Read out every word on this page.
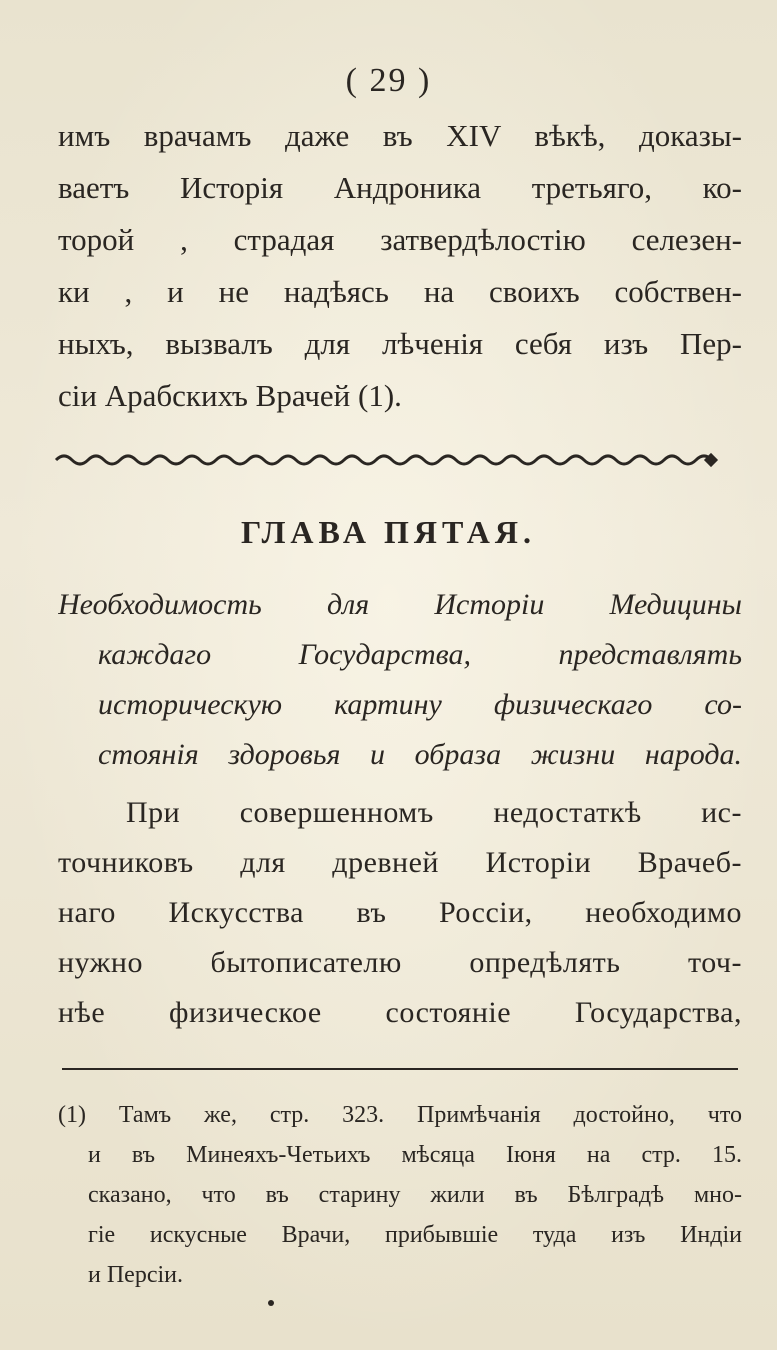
( 29 )
имъ врачамъ даже въ XIV вѣкѣ, доказы-
ваетъ Исторія Андроника третьяго, ко-
торой , страдая затвердѣлостію селезен-
ки , и не надѣясь на своихъ собствен-
ныхъ, вызвалъ для лѣченія себя изъ Пер-
сіи Арабскихъ Врачей (1).
ГЛАВА ПЯТАЯ.
Необходимость для Исторіи Медицины
каждаго Государства, представлять
историческую картину физическаго со-
стоянія здоровья и образа жизни народа.
При совершенномъ недостаткѣ ис-
точниковъ для древней Исторіи Врачеб-
наго Искусства въ Россіи, необходимо
нужно бытописателю опредѣлять точ-
нѣе физическое состояніе Государства,
(1) Тамъ же, стр. 323. Примѣчанія достойно, что
и въ Минеяхъ-Четьихъ мѣсяца Іюня на стр. 15.
сказано, что въ старину жили въ Бѣлградѣ мно-
гіе искусные Врачи, прибывшіе туда изъ Индіи
и Персіи.
